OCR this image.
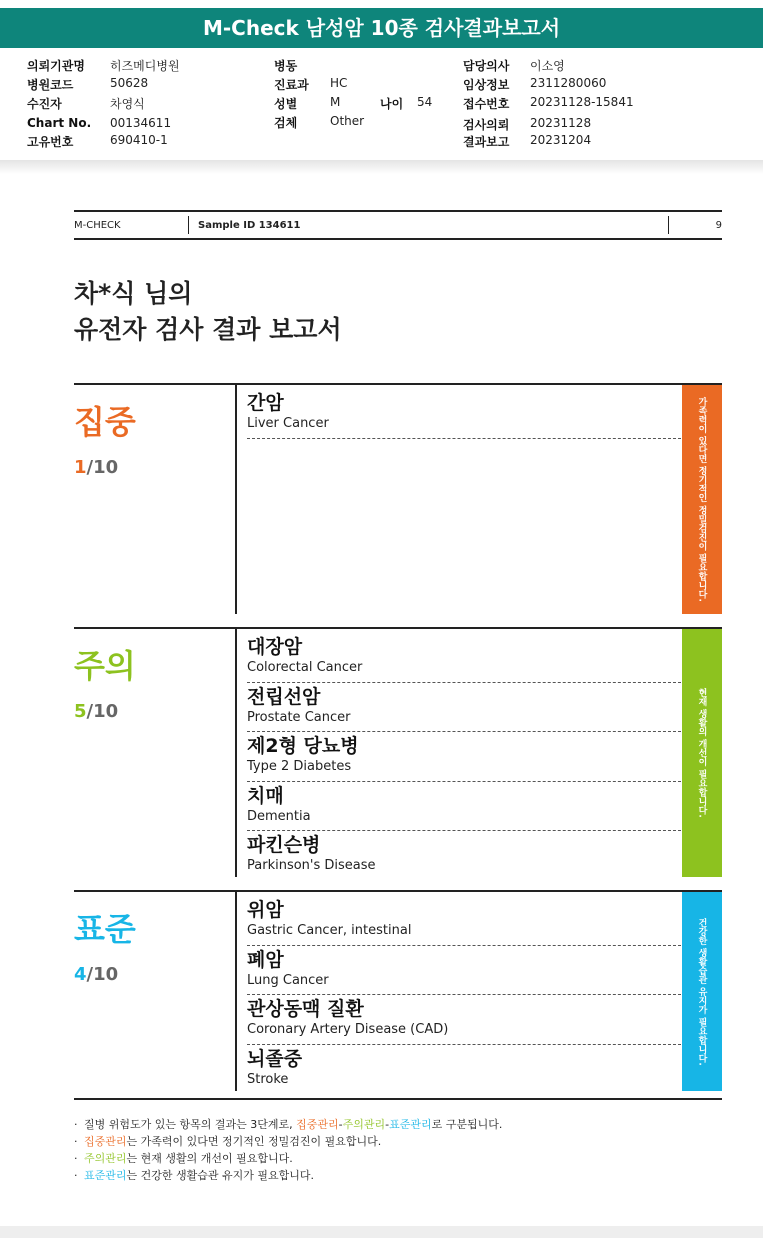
M-Check 남성암 10종 검사결과보고서
의뢰기관명 히즈메디병원
병원코드	50628
수진자	차영식
Chart No. 00134611
고유번호	690410-1
병동
진료과 HC
성별	M	나이 54
검체	Other
담당의사 이소영
임상정보 2311280060
접수번호 20231128-15841
검사의뢰 20231128
결과보고 20231204
M-CHECK	Sample ID 134611	9
차*식 님의
유전자 검사 결과 보고서
집중
1/10
간암
Liver Cancer	가족력이 있다면 정기적인 정밀검진이 필요합니다.
주의
5/10
대장암
Colorectal Cancer
전립선암
Prostate Cancer
제2형 당뇨병
Type 2 Diabetes
치매
Dementia
파킨슨병
Parkinson's Disease
현재 생활의 개선이 필요합니다.
표준
4/10
위암
Gastric Cancer, intestinal
폐암
Lung Cancer
관상동맥 질환
Coronary Artery Disease (CAD)
뇌졸중
Stroke
건강한 생활습관 유지가 필요합니다.
· 질병 위험도가 있는 항목의 결과는 3단계로, 집중관리-주의관리-표준관리로 구분됩니다.
· 집중관리는 가족력이 있다면 정기적인 정밀검진이 필요합니다.
· 주의관리는 현재 생활의 개선이 필요합니다.
· 표준관리는 건강한 생활습관 유지가 필요합니다.
